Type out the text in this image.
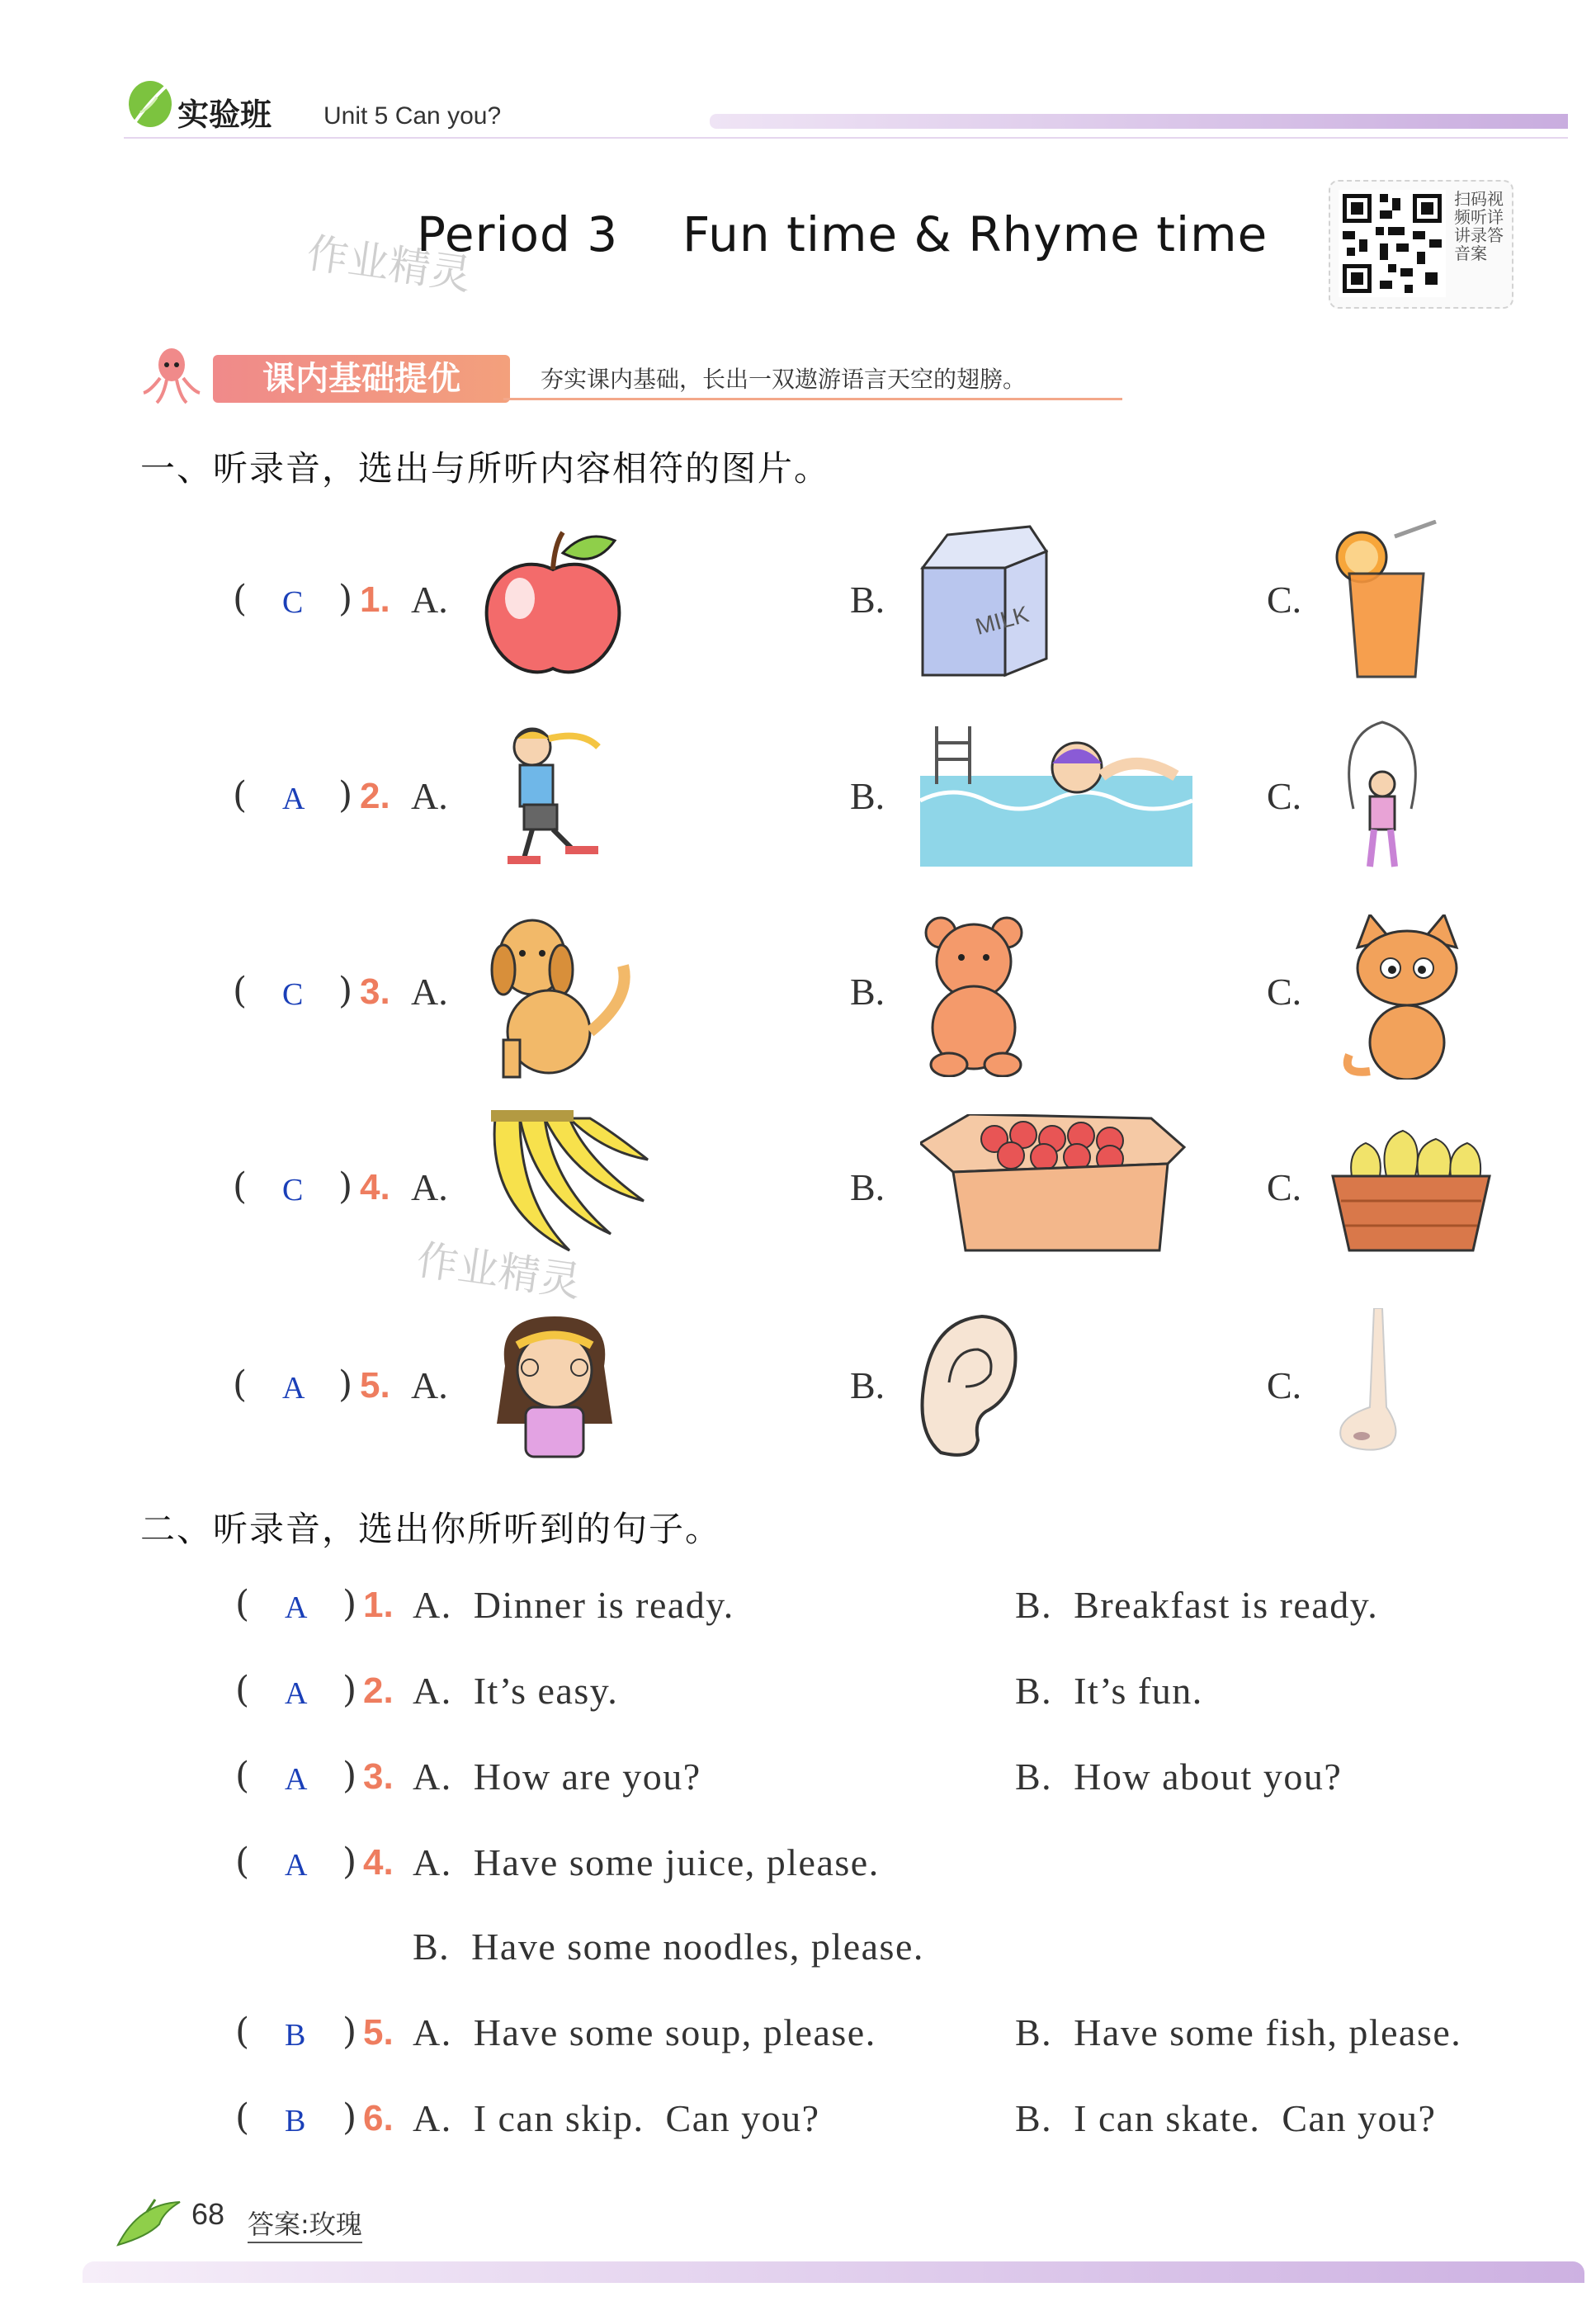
实验班 Unit 5 Can you?
作业精灵
Period 3    Fun time & Rhyme time
扫码视频听详讲录答音案
课内基础提优	夯实课内基础，长出一双遨游语言天空的翅膀。
一、听录音，选出与所听内容相符的图片。
( C ) 1. A.	B.	C.
MILK
( A ) 2. A.	B.	C.
( C ) 3. A.	B.	C.
( C ) 4. A.	B.	C.
作业精灵
( A ) 5. A.	B.	C.
二、听录音，选出你所听到的句子。
( A ) 1. A.  Dinner is ready.	B.  Breakfast is ready.
( A ) 2. A.  It’s easy.	B.  It’s fun.
( A ) 3. A.  How are you?	B.  How about you?
( A ) 4. A.  Have some juice, please.
B.  Have some noodles, please.
( B ) 5. A.  Have some soup, please.	B.  Have some fish, please.
( B ) 6. A.  I can skip.  Can you?	B.  I can skate.  Can you?
68 答案:玫瑰
